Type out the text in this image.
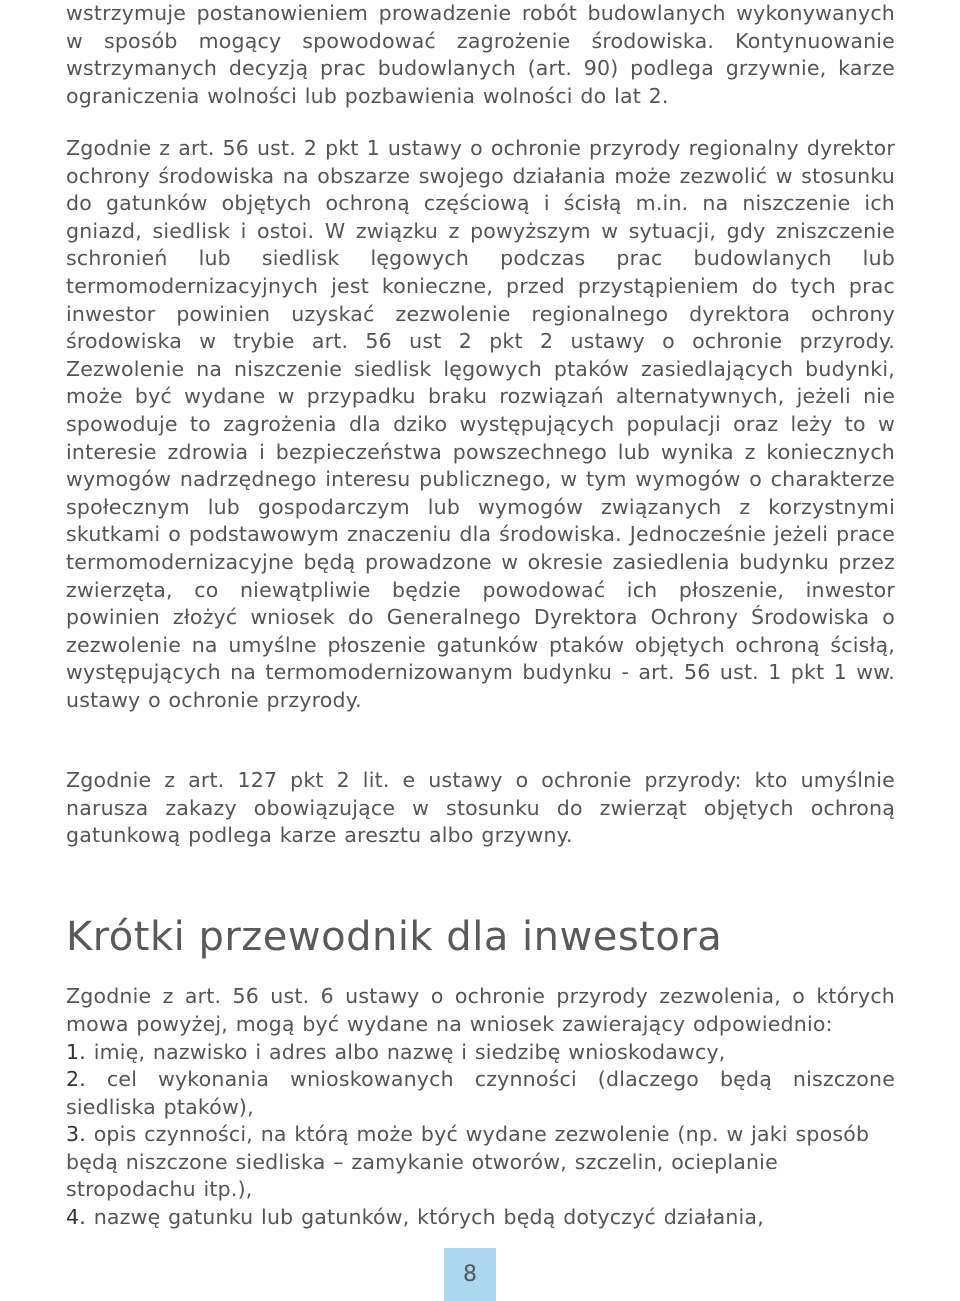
wstrzymuje postanowieniem prowadzenie robót budowlanych wykonywanych w sposób mogący spowodować zagrożenie środowiska. Kontynuowanie wstrzymanych decyzją prac budowlanych (art. 90) podlega grzywnie, karze ograniczenia wolności lub pozbawienia wolności do lat 2.

Zgodnie z art. 56 ust. 2 pkt 1 ustawy o ochronie przyrody regionalny dyrektor ochrony środowiska na obszarze swojego działania może zezwolić w stosunku do gatunków objętych ochroną częściową i ścisłą m.in. na niszczenie ich gniazd, siedlisk i ostoi. W związku z powyższym w sytuacji, gdy zniszczenie schronień lub siedlisk lęgowych podczas prac budowlanych lub termomodernizacyjnych jest konieczne, przed przystąpieniem do tych prac inwestor powinien uzyskać zezwolenie regionalnego dyrektora ochrony środowiska w trybie art. 56 ust 2 pkt 2 ustawy o ochronie przyrody. Zezwolenie na niszczenie siedlisk lęgowych ptaków zasiedlających budynki, może być wydane w przypadku braku rozwiązań alternatywnych, jeżeli nie spowoduje to zagrożenia dla dziko występujących populacji oraz leży to w interesie zdrowia i bezpieczeństwa powszechnego lub wynika z koniecznych wymogów nadrzędnego interesu publicznego, w tym wymogów o charakterze społecznym lub gospodarczym lub wymogów związanych z korzystnymi skutkami o podstawowym znaczeniu dla środowiska. Jednocześnie jeżeli prace termomodernizacyjne będą prowadzone w okresie zasiedlenia budynku przez zwierzęta, co niewątpliwie będzie powodować ich płoszenie, inwestor powinien złożyć wniosek do Generalnego Dyrektora Ochrony Środowiska o zezwolenie na umyślne płoszenie gatunków ptaków objętych ochroną ścisłą, występujących na termomodernizowanym budynku - art. 56 ust. 1 pkt 1 ww. ustawy o ochronie przyrody.

Zgodnie z art. 127 pkt 2 lit. e ustawy o ochronie przyrody: kto umyślnie narusza zakazy obowiązujące w stosunku do zwierząt objętych ochroną gatunkową podlega karze aresztu albo grzywny.

Krótki przewodnik dla inwestora

Zgodnie z art. 56 ust. 6 ustawy o ochronie przyrody zezwolenia, o których mowa powyżej, mogą być wydane na wniosek zawierający odpowiednio:

1. imię, nazwisko i adres albo nazwę i siedzibę wnioskodawcy,

2. cel wykonania wnioskowanych czynności (dlaczego będą niszczone siedliska ptaków),

3. opis czynności, na którą może być wydane zezwolenie (np. w jaki sposób będą niszczone siedliska – zamykanie otworów, szczelin, ocieplanie stropodachu itp.),

4. nazwę gatunku lub gatunków, których będą dotyczyć działania,

8
